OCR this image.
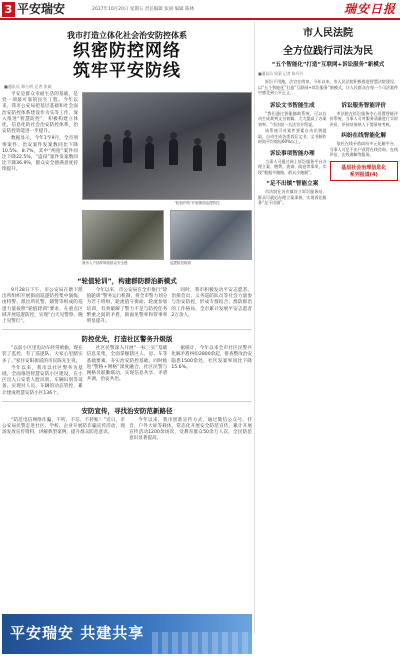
3 平安瑞安	2017年10月20日 星期五 责任编辑 张斌 编辑 陈林	瑞安日报
我市打造立体化社会治安防控体系
织密防控网络
筑牢平安防线
■通讯员 郑小明 记者 张斌

平安是群众幸福生活的基础，是党一项最可靠的民生工程。今年以来，我市公安局把基层基础和社会面治安防控体系建设作为头等工作，深入推进“智慧防控”，积极构建立体化、信息化的社会治安防控体系，治安防控效能进一步提升。

数据显示，今年1至9月，全市刑事案件、治安案件发案数同比下降10.5%、8.7%，其中“两抢”案件同比下降22.5%，“盗窃”案件发案数同比下降36.9%，群众安全感满意度持续提升。

“轮值护航”开展街面巡逻防控
我市入户抽样调查群众安全感	巡逻防控街面
“轮值轮训”，构建群防群治新模式

9月28日下午，市公安局在塘下派出所组织开展街面巡逻防控集中演练，由特警、派出所民警、辅警等组成的巡逻力量按照“轮值轮训”要求，在重点区域开展巡逻防控，实现“白天见警察、晚上见警灯”。

今年以来，市公安局在全市推行“轮值轮训”警务运行机制，将全市警力划分为若干班组，轮流值守街面、轮流参加培训，有效破解了警力不足与防控任务繁重之间的矛盾，街面见警率和管事率明显提升。

同时，我市积极发动平安志愿者、治保会员、义务巡防队员等社会力量参与治安防控，形成专群结合、群防群治的工作格局，全市累计发展平安志愿者2万余人。

防控优先，打造社区警务升级版

“以前小区里电动车经常被偷，现在装了监控、有了巡逻队，大家心里踏实多了。”家住安阳街道的市民陈先生说。

今年以来，我市以社区警务为基础，全面推进智慧安防小区建设，在小区出入口安装人脸识别、车辆识别等设备，实现对人员、车辆的动态管控，累计建成智慧安防小区136个。

社区民警深入开展“一标三实”基础信息采集，全面掌握辖区人、房、车等基础要素，夯实治安防控基础。同时推进“警格+网格”深度融合，社区民警与网格员联勤联动，实现信息共享、矛盾共调、治安共治。

据统计，今年以来全市社区民警共化解矛盾纠纷2800余起，排查整改治安隐患1500余处，社区发案率同比下降15.6%。

安防宣传，寻找治安防范新路径

“防范电信网络诈骗，不听、不信、不转账！”近日，市公安局民警走进社区、学校、企业开展防诈骗宣传活动，现场发放宣传资料，讲解典型案例，提升群众防范意识。

今年以来，我市创新宣传方式，通过微信公众号、抖音、户外大屏等载体，常态化开展安全防范宣传，累计开展宣传活动1200余场次，受教育群众50余万人次，全民防范意识显著提高。

平安瑞安 共建共享
市人民法院
全方位践行司法为民
“五个智能化”打造“互联网+诉讼服务”新模式
■通讯员 周蒙 记者 陈丹丹

诉讼不用跑，法官在线审。今年以来，市人民法院积极推进智慧法院建设，以“五个智能化”打造“互联网+诉讼服务”新模式，让人民群众在每一个司法案件中感受到公平正义。

诉讼文书智能生成

“我们通过智能辅助系统，可以自动生成裁判文书初稿，大大提高了办案效率。”市法院一名法官介绍说。

该系统可对案件要素自动识别提取，自动生成各类诉讼文书，文书制作时间平均缩短60%以上。

诉讼事项智能办理

当事人可通过网上诉讼服务平台办理立案、缴费、查询、阅卷等事项，实现“数据多跑路、群众少跑腿”。

“足不出镇”智能立案

市法院在各乡镇设立诉讼服务站，群众可就近办理立案事务，实现诉讼服务“足不出镇”。

诉讼服务智能评价

市法院在诉讼服务中心设置智能评价系统，当事人可对服务质量进行实时评价，评价结果纳入干警绩效考核。

纠纷在线智能化解

依托在线矛盾纠纷多元化解平台，当事人可足不出户获得在线咨询、在线评估、在线调解等服务。

基层社会治理信息化
系列报道(4)
